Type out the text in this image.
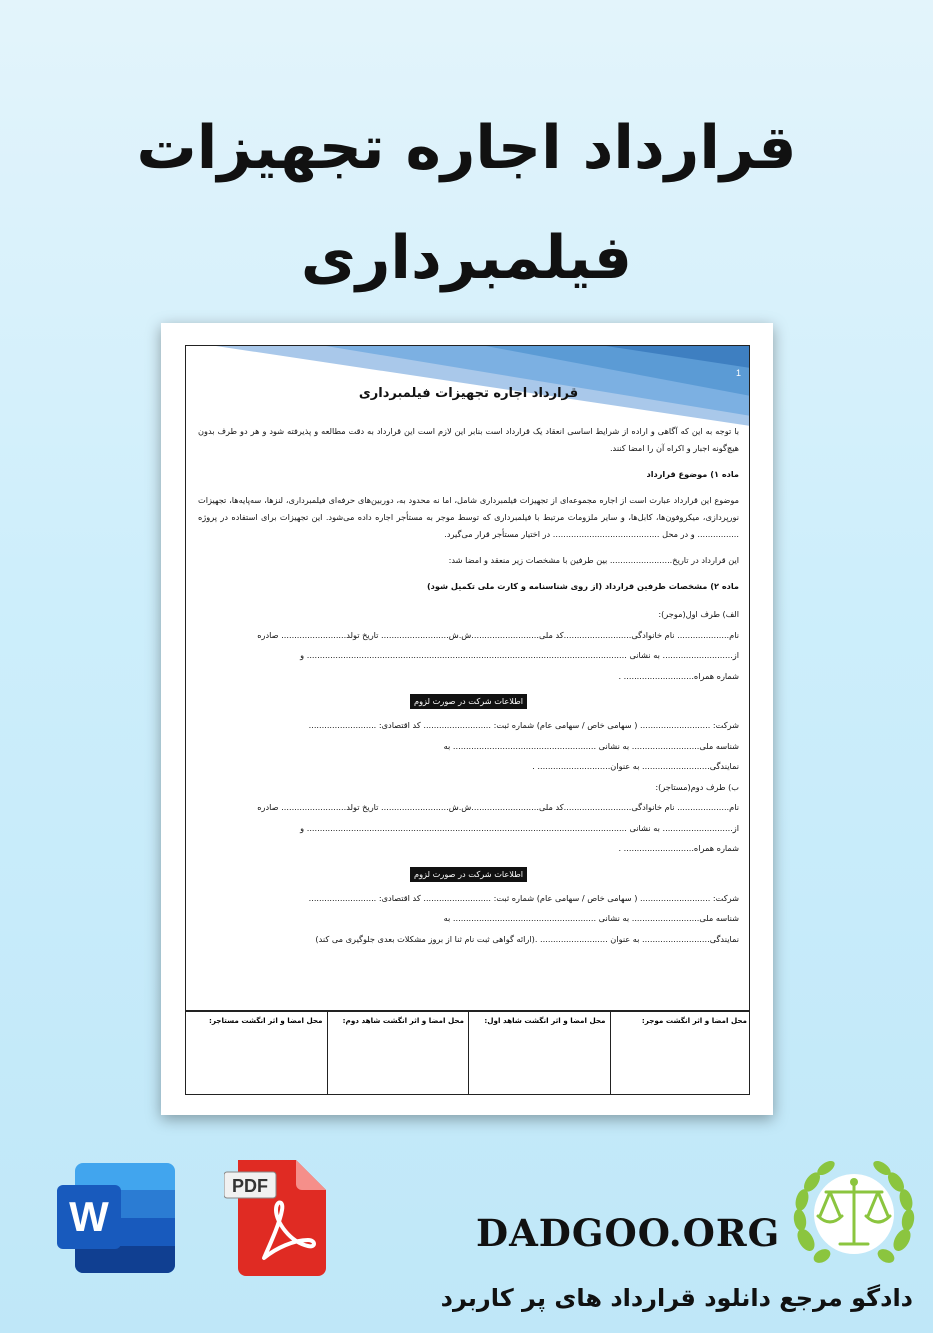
قرارداد اجاره تجهیزات
فیلمبرداری
1
قرارداد اجاره تجهیزات فیلمبرداری
با توجه به این که آگاهی و اراده از شرایط اساسی انعقاد یک قرارداد است بنابر این لازم است این قرارداد به دقت مطالعه و پذیرفته شود و هر دو طرف بدون هیچ‌گونه اجبار و اکراه آن را امضا کنند.
ماده ۱) موضوع قرارداد
موضوع این قرارداد عبارت است از اجاره مجموعه‌ای از تجهیزات فیلمبرداری شامل، اما نه محدود به، دوربین‌های حرفه‌ای فیلمبرداری، لنزها، سه‌پایه‌ها، تجهیزات نورپردازی، میکروفون‌ها، کابل‌ها، و سایر ملزومات مرتبط با فیلمبرداری که توسط موجر به مستأجر اجاره داده می‌شود. این تجهیزات برای استفاده در پروژه ................ و در محل ......................................... در اختیار مستأجر قرار می‌گیرد.
این قرارداد در تاریخ........................ بین طرفین با مشخصات زیر منعقد و امضا شد:
ماده ۲) مشخصات طرفین قرارداد (از روی شناسنامه و کارت ملی تکمیل شود)
الف) طرف اول(موجر):
نام.................... نام خانوادگی..........................کد ملی..........................ش.ش.......................... تاریخ تولد......................... صادره
از........................... به نشانی ........................................................................................................................... و
شماره همراه........................... .
اطلاعات شرکت در صورت لزوم
شرکت: ........................... ( سهامی خاص / سهامی عام) شماره ثبت: .......................... کد اقتصادی: ..........................
شناسه ملی.......................... به نشانی ....................................................... به
نمایندگی.......................... به عنوان............................ .
ب) طرف دوم(مستاجر):
نام.................... نام خانوادگی..........................کد ملی..........................ش.ش.......................... تاریخ تولد......................... صادره
از........................... به نشانی ........................................................................................................................... و
شماره همراه........................... .
اطلاعات شرکت در صورت لزوم
شرکت: ........................... ( سهامی خاص / سهامی عام) شماره ثبت: .......................... کد اقتصادی: ..........................
شناسه ملی.......................... به نشانی ....................................................... به
نمایندگی.......................... به عنوان .......................... .(ارائه گواهی ثبت نام ثنا از بروز مشکلات بعدی جلوگیری می کند)
محل امضا و اثر انگشت موجر:
محل امضا و اثر انگشت شاهد اول:
محل امضا و اثر انگشت شاهد دوم:
محل امضا و اثر انگشت مستاجر:
W
PDF
DADGOO.ORG
دادگو مرجع دانلود قرارداد های پر کاربرد
